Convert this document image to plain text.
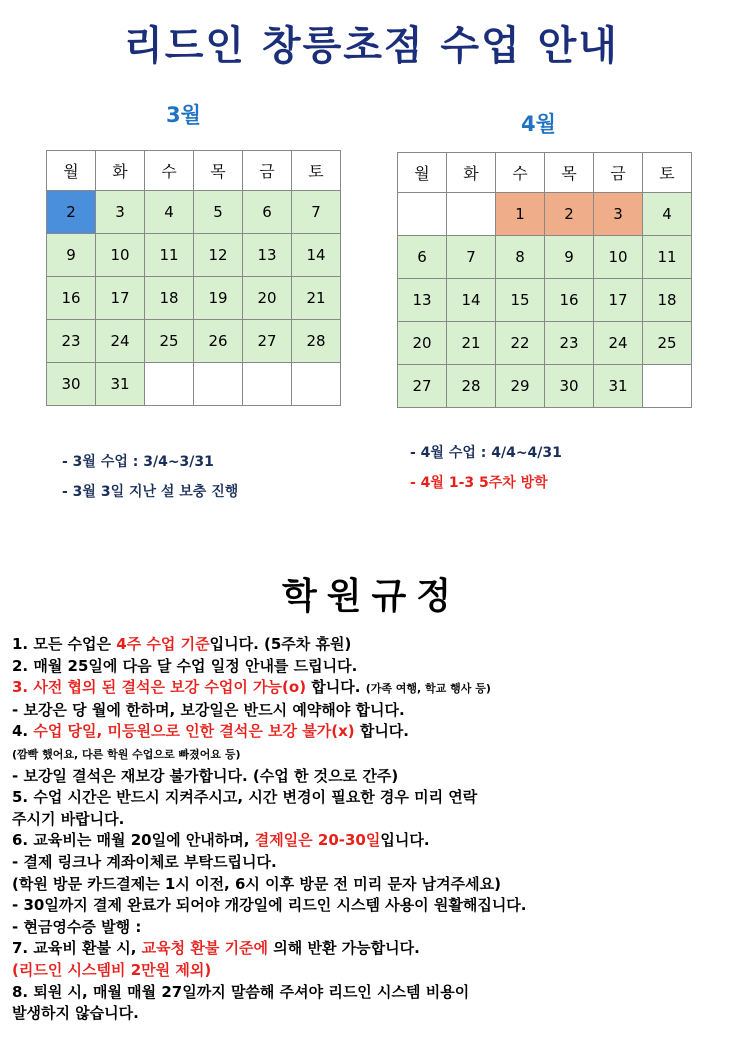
리드인 창릉초점 수업 안내
3월	4월
월	화	수	목	금	토
2	3	4	5	6	7
9	10	11	12	13	14
16	17	18	19	20	21
23	24	25	26	27	28
30	31				
월	화	수	목	금	토
		1	2	3	4
6	7	8	9	10	11
13	14	15	16	17	18
20	21	22	23	24	25
27	28	29	30	31	
- 3월 수업 : 3/4~3/31
- 3월 3일 지난 설 보충 진행
- 4월 수업 : 4/4~4/31
- 4월 1-3 5주차 방학
학원규정
1. 모든 수업은 4주 수업 기준입니다. (5주차 휴원)
2. 매월 25일에 다음 달 수업 일정 안내를 드립니다.
3. 사전 협의 된 결석은 보강 수업이 가능(o) 합니다. (가족 여행, 학교 행사 등)
- 보강은 당 월에 한하며, 보강일은 반드시 예약해야 합니다.
4. 수업 당일, 미등원으로 인한 결석은 보강 불가(x) 합니다.
(깜빡 했어요, 다른 학원 수업으로 빠졌어요 등)
- 보강일 결석은 재보강 불가합니다. (수업 한 것으로 간주)
5. 수업 시간은 반드시 지켜주시고, 시간 변경이 필요한 경우 미리 연락
주시기 바랍니다.
6. 교육비는 매월 20일에 안내하며, 결제일은 20-30일입니다.
- 결제 링크나 계좌이체로 부탁드립니다.
(학원 방문 카드결제는 1시 이전, 6시 이후 방문 전 미리 문자 남겨주세요)
- 30일까지 결제 완료가 되어야 개강일에 리드인 시스템 사용이 원활해집니다.
- 현금영수증 발행 :
7. 교육비 환불 시, 교육청 환불 기준에 의해 반환 가능합니다.
(리드인 시스템비 2만원 제외)
8. 퇴원 시, 매월 매월 27일까지 말씀해 주셔야 리드인 시스템 비용이
발생하지 않습니다.
